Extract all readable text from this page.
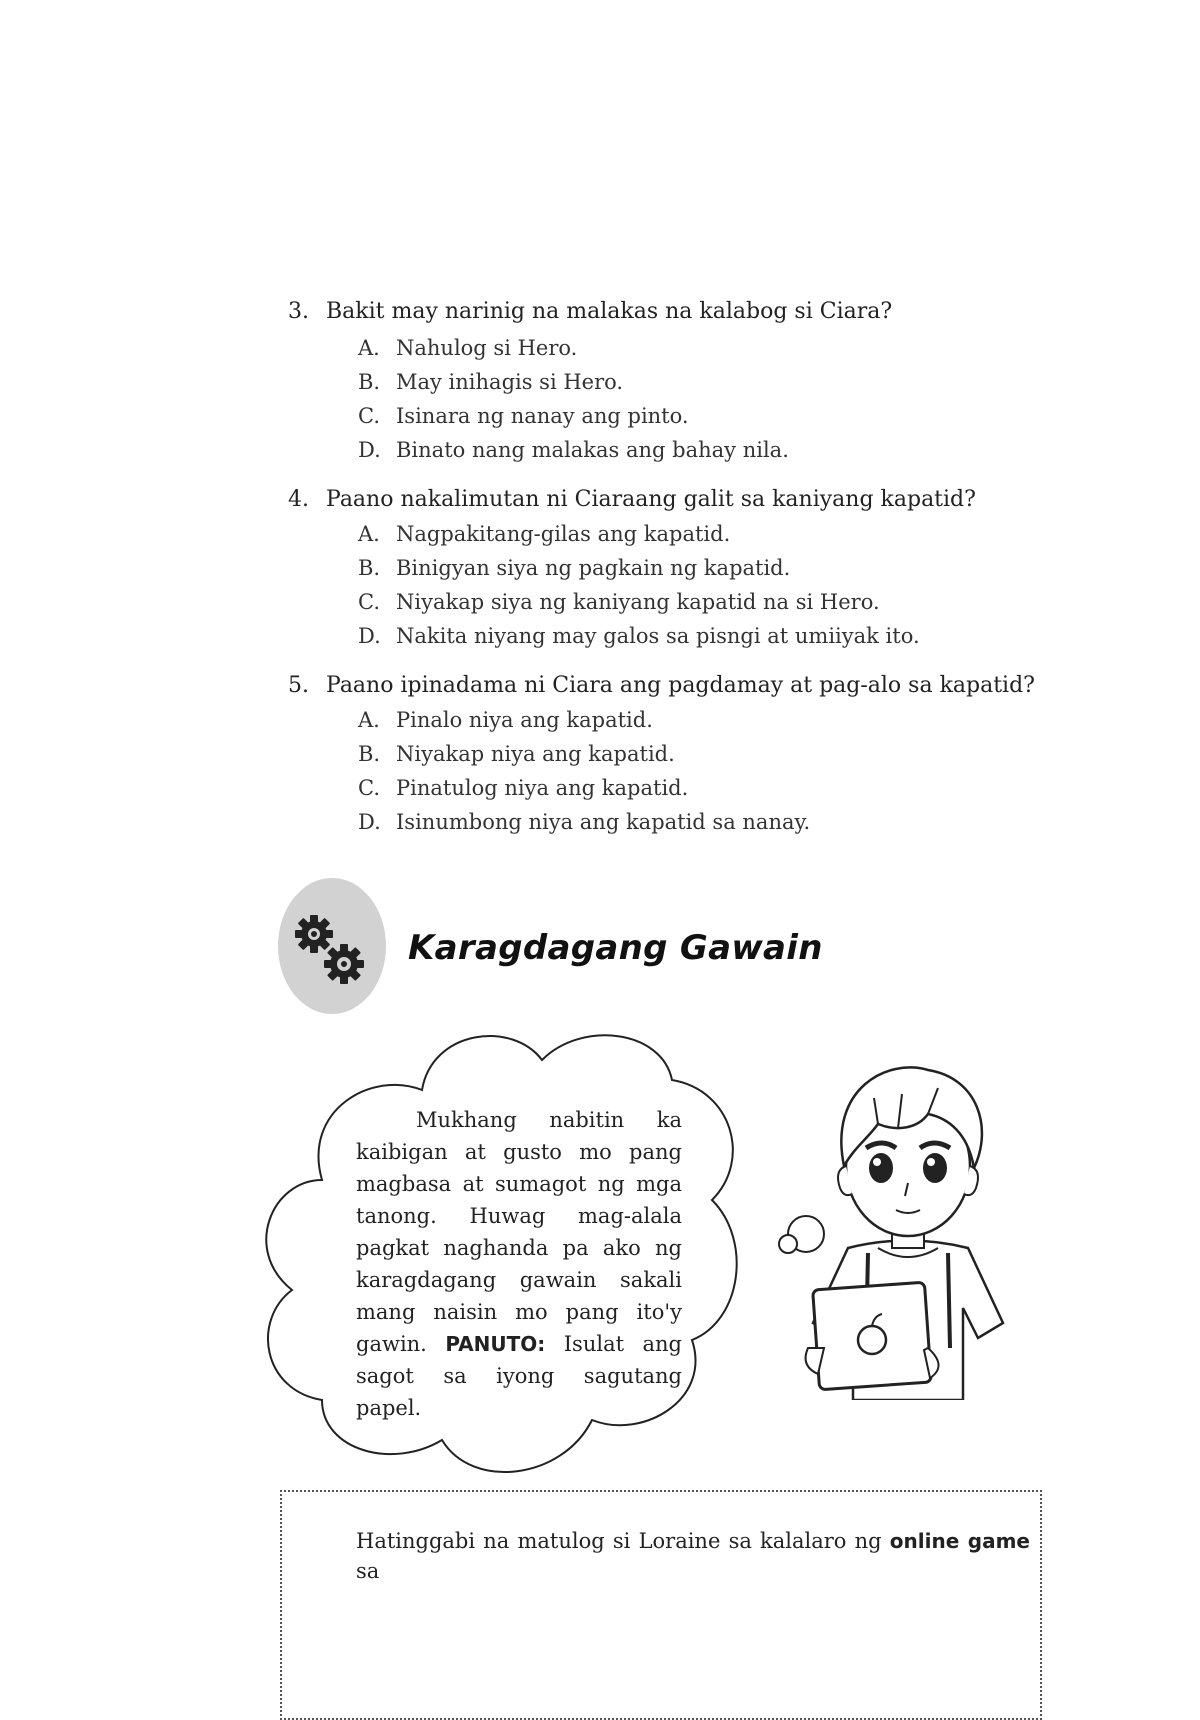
3. Bakit may narinig na malakas na kalabog si Ciara?
A. Nahulog si Hero.
B. May inihagis si Hero.
C. Isinara ng nanay ang pinto.
D. Binato nang malakas ang bahay nila.
4. Paano nakalimutan ni Ciaraang galit sa kaniyang kapatid?
A. Nagpakitang-gilas ang kapatid.
B. Binigyan siya ng pagkain ng kapatid.
C. Niyakap siya ng kaniyang kapatid na si Hero.
D. Nakita niyang may galos sa pisngi at umiiyak ito.
5. Paano ipinadama ni Ciara ang pagdamay at pag-alo sa kapatid?
A. Pinalo niya ang kapatid.
B. Niyakap niya ang kapatid.
C. Pinatulog niya ang kapatid.
D. Isinumbong niya ang kapatid sa nanay.
Karagdagang Gawain
Mukhang nabitin ka kaibigan at gusto mo pang magbasa at sumagot ng mga tanong. Huwag mag-alala pagkat naghanda pa ako ng karagdagang gawain sakali mang naisin mo pang ito'y gawin. PANUTO: Isulat ang sagot sa iyong sagutang papel.
Hatinggabi na matulog si Loraine sa kalalaro ng online game sa
